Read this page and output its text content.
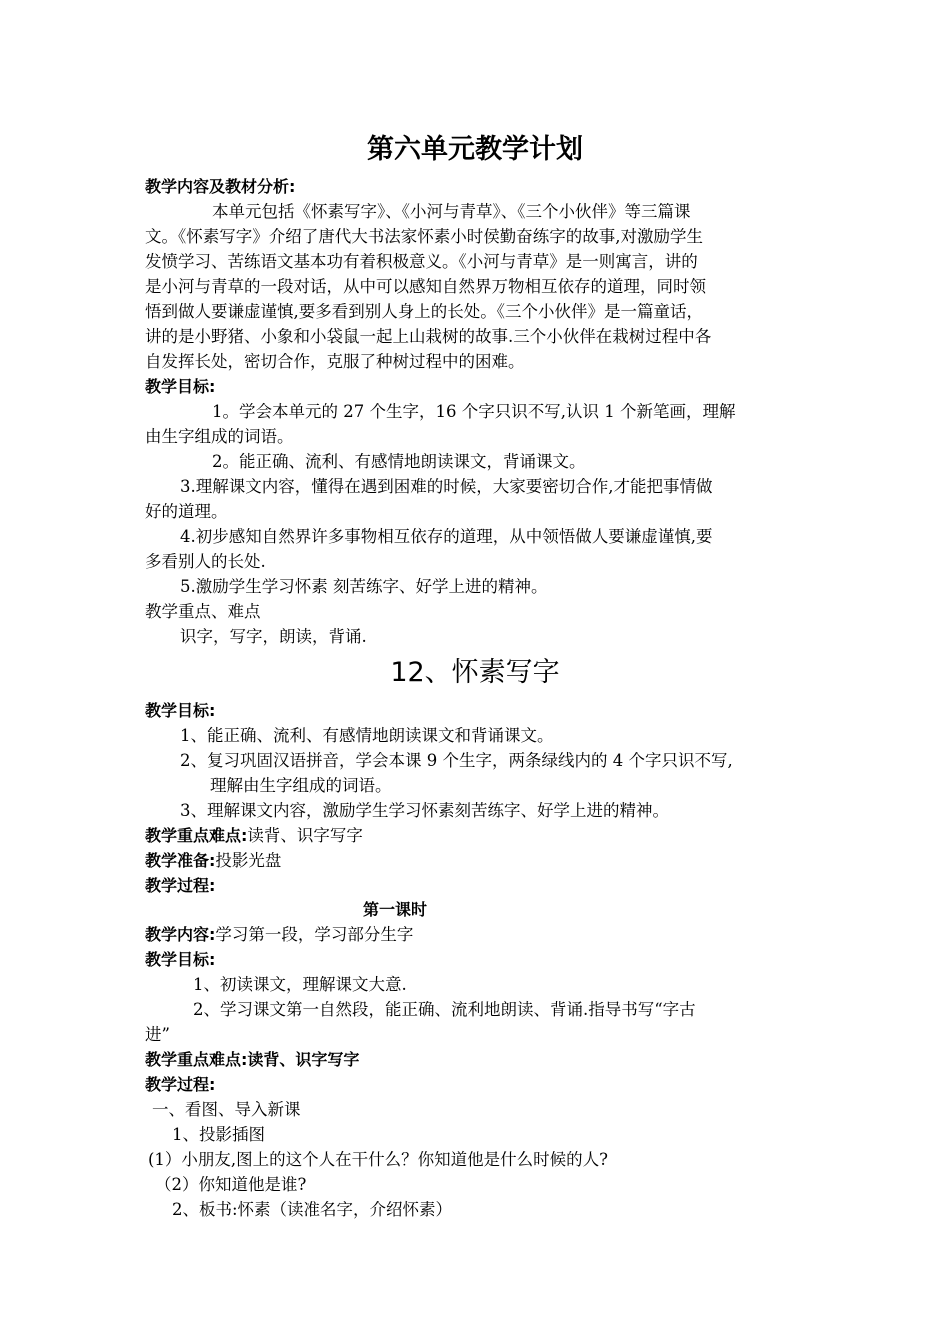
第六单元教学计划
教学内容及教材分析:
本单元包括《怀素写字》、《小河与青草》、《三个小伙伴》等三篇课
文。《怀素写字》介绍了唐代大书法家怀素小时侯勤奋练字的故事,对激励学生
发愤学习、苦练语文基本功有着积极意义。《小河与青草》是一则寓言，讲的
是小河与青草的一段对话，从中可以感知自然界万物相互依存的道理，同时领
悟到做人要谦虚谨慎,要多看到别人身上的长处。《三个小伙伴》是一篇童话，
讲的是小野猪、小象和小袋鼠一起上山栽树的故事.三个小伙伴在栽树过程中各
自发挥长处，密切合作，克服了种树过程中的困难。
教学目标:
1。学会本单元的 27 个生字，16 个字只识不写,认识 1 个新笔画，理解
由生字组成的词语。
2。能正确、流利、有感情地朗读课文，背诵课文。
3.理解课文内容，懂得在遇到困难的时候，大家要密切合作,才能把事情做
好的道理。
4.初步感知自然界许多事物相互依存的道理，从中领悟做人要谦虚谨慎,要
多看别人的长处.
5.激励学生学习怀素 刻苦练字、好学上进的精神。
教学重点、难点
识字，写字，朗读，背诵.
12、怀素写字
教学目标:
1、能正确、流利、有感情地朗读课文和背诵课文。
2、复习巩固汉语拼音，学会本课 9 个生字，两条绿线内的 4 个字只识不写,
理解由生字组成的词语。
3、理解课文内容，激励学生学习怀素刻苦练字、好学上进的精神。
教学重点难点:读背、识字写字
教学准备:投影光盘
教学过程:
第一课时
教学内容:学习第一段，学习部分生字
教学目标:
1、初读课文，理解课文大意.
2、学习课文第一自然段，能正确、流利地朗读、背诵.指导书写“字古
进”
教学重点难点:读背、识字写字
教学过程:
一、看图、导入新课
1、投影插图
(1）小朋友,图上的这个人在干什么？你知道他是什么时候的人?
（2）你知道他是谁?
2、板书:怀素（读准名字，介绍怀素）
